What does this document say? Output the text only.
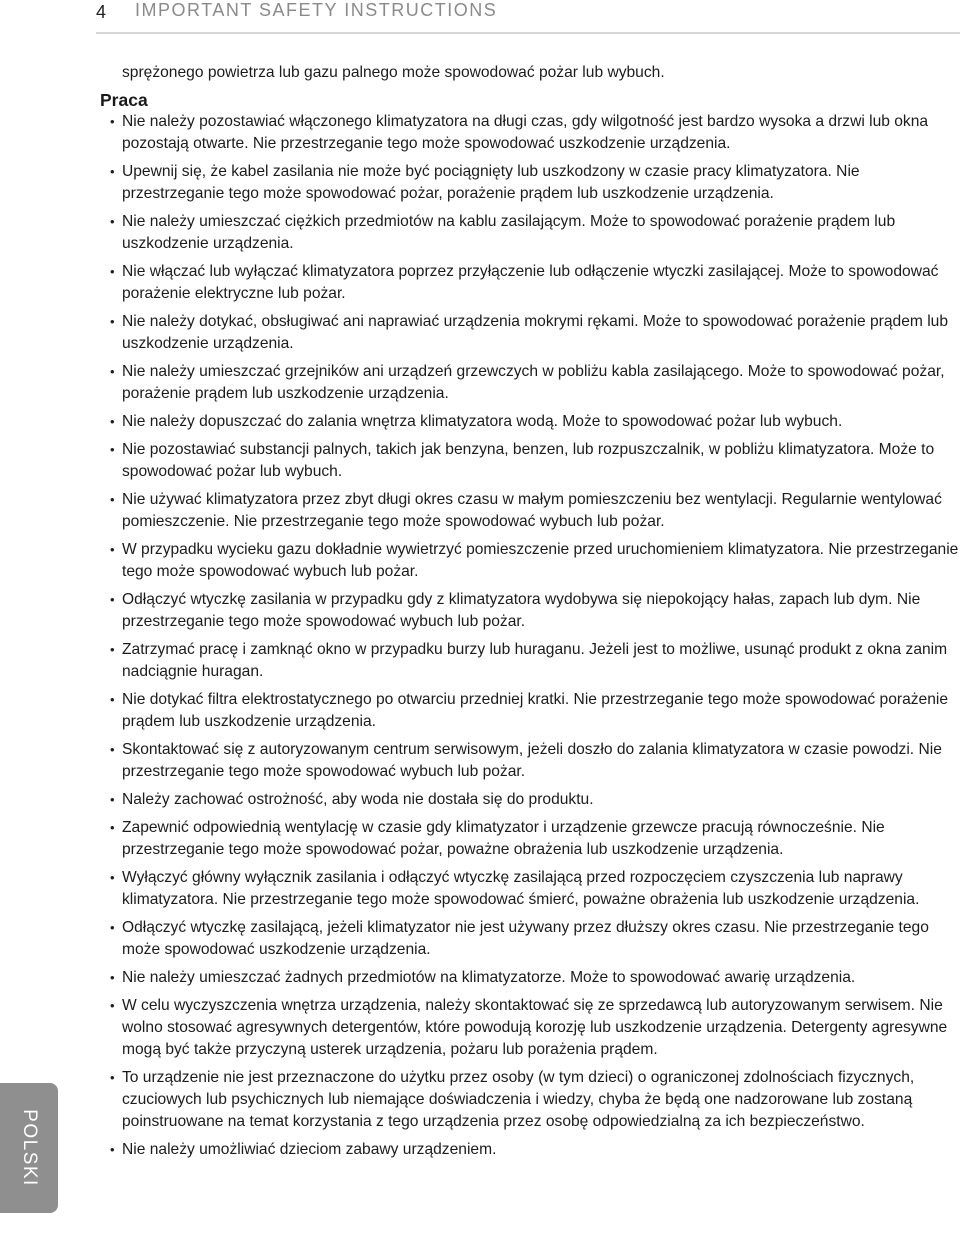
4 IMPORTANT SAFETY INSTRUCTIONS

sprężonego powietrza lub gazu palnego może spowodować pożar lub wybuch.

Praca
• Nie należy pozostawiać włączonego klimatyzatora na długi czas, gdy wilgotność jest bardzo wysoka a drzwi lub okna pozostają otwarte. Nie przestrzeganie tego może spowodować uszkodzenie urządzenia.
• Upewnij się, że kabel zasilania nie może być pociągnięty lub uszkodzony w czasie pracy klimatyzatora. Nie przestrzeganie tego może spowodować pożar, porażenie prądem lub uszkodzenie urządzenia.
• Nie należy umieszczać ciężkich przedmiotów na kablu zasilającym. Może to spowodować porażenie prądem lub uszkodzenie urządzenia.
• Nie włączać lub wyłączać klimatyzatora poprzez przyłączenie lub odłączenie wtyczki zasilającej. Może to spowodować porażenie elektryczne lub pożar.
• Nie należy dotykać, obsługiwać ani naprawiać urządzenia mokrymi rękami. Może to spowodować porażenie prądem lub uszkodzenie urządzenia.
• Nie należy umieszczać grzejników ani urządzeń grzewczych w pobliżu kabla zasilającego. Może to spowodować pożar, porażenie prądem lub uszkodzenie urządzenia.
• Nie należy dopuszczać do zalania wnętrza klimatyzatora wodą. Może to spowodować pożar lub wybuch.
• Nie pozostawiać substancji palnych, takich jak benzyna, benzen, lub rozpuszczalnik, w pobliżu klimatyzatora. Może to spowodować pożar lub wybuch.
• Nie używać klimatyzatora przez zbyt długi okres czasu w małym pomieszczeniu bez wentylacji. Regularnie wentylować pomieszczenie. Nie przestrzeganie tego może spowodować wybuch lub pożar.
• W przypadku wycieku gazu dokładnie wywietrzyć pomieszczenie przed uruchomieniem klimatyzatora. Nie przestrzeganie tego może spowodować wybuch lub pożar.
• Odłączyć wtyczkę zasilania w przypadku gdy z klimatyzatora wydobywa się niepokojący hałas, zapach lub dym. Nie przestrzeganie tego może spowodować wybuch lub pożar.
• Zatrzymać pracę i zamknąć okno w przypadku burzy lub huraganu. Jeżeli jest to możliwe, usunąć produkt z okna zanim nadciągnie huragan.
• Nie dotykać filtra elektrostatycznego po otwarciu przedniej kratki. Nie przestrzeganie tego może spowodować porażenie prądem lub uszkodzenie urządzenia.
• Skontaktować się z autoryzowanym centrum serwisowym, jeżeli doszło do zalania klimatyzatora w czasie powodzi. Nie przestrzeganie tego może spowodować wybuch lub pożar.
• Należy zachować ostrożność, aby woda nie dostała się do produktu.
• Zapewnić odpowiednią wentylację w czasie gdy klimatyzator i urządzenie grzewcze pracują równocześnie. Nie przestrzeganie tego może spowodować pożar, poważne obrażenia lub uszkodzenie urządzenia.
• Wyłączyć główny wyłącznik zasilania i odłączyć wtyczkę zasilającą przed rozpoczęciem czyszczenia lub naprawy klimatyzatora. Nie przestrzeganie tego może spowodować śmierć, poważne obrażenia lub uszkodzenie urządzenia.
• Odłączyć wtyczkę zasilającą, jeżeli klimatyzator nie jest używany przez dłuższy okres czasu. Nie przestrzeganie tego może spowodować uszkodzenie urządzenia.
• Nie należy umieszczać żadnych przedmiotów na klimatyzatorze. Może to spowodować awarię urządzenia.
• W celu wyczyszczenia wnętrza urządzenia, należy skontaktować się ze sprzedawcą lub autoryzowanym serwisem. Nie wolno stosować agresywnych detergentów, które powodują korozję lub uszkodzenie urządzenia. Detergenty agresywne mogą być także przyczyną usterek urządzenia, pożaru lub porażenia prądem.
• To urządzenie nie jest przeznaczone do użytku przez osoby (w tym dzieci) o ograniczonej zdolnościach fizycznych, czuciowych lub psychicznych lub niemające doświadczenia i wiedzy, chyba że będą one nadzorowane lub zostaną poinstruowane na temat korzystania z tego urządzenia przez osobę odpowiedzialną za ich bezpieczeństwo.
• Nie należy umożliwiać dzieciom zabawy urządzeniem.
POLSKI
